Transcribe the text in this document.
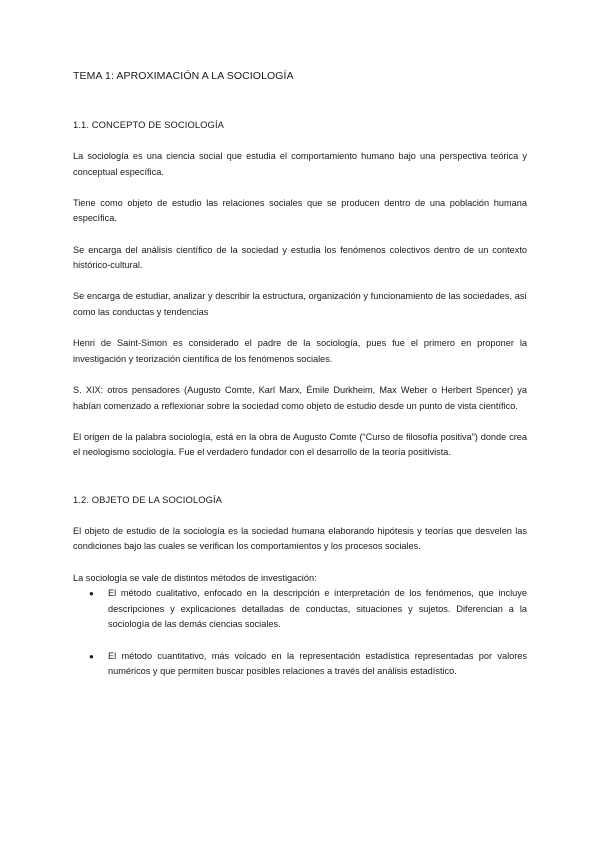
TEMA 1: APROXIMACIÓN A LA SOCIOLOGÍA
1.1. CONCEPTO DE SOCIOLOGÍA

La sociología es una ciencia social que estudia el comportamiento humano bajo una perspectiva teórica y conceptual específica.

Tiene como objeto de estudio las relaciones sociales que se producen dentro de una población humana específica.

Se encarga del análisis científico de la sociedad y estudia los fenómenos colectivos dentro de un contexto histórico-cultural.

Se encarga de estudiar, analizar y describir la estructura, organización y funcionamiento de las sociedades, así como las conductas y tendencias

Henri de Saint-Simon es considerado el padre de la sociología, pues fue el primero en proponer la investigación y teorización científica de los fenómenos sociales.

S. XIX: otros pensadores (Augusto Comte, Karl Marx, Émile Durkheim, Max Weber o Herbert Spencer) ya habían comenzado a reflexionar sobre la sociedad como objeto de estudio desde un punto de vista científico.

El origen de la palabra sociología, está en la obra de Augusto Comte (“Curso de filosofía positiva”) donde crea el neologismo sociología. Fue el verdadero fundador con el desarrollo de la teoría positivista.

1.2. OBJETO DE LA SOCIOLOGÍA

El objeto de estudio de la sociología es la sociedad humana elaborando hipótesis y teorías que desvelen las condiciones bajo las cuales se verifican los comportamientos y los procesos sociales.

La sociología se vale de distintos métodos de investigación:

● El método cualitativo, enfocado en la descripción e interpretación de los fenómenos, que incluye descripciones y explicaciones detalladas de conductas, situaciones y sujetos. Diferencian a la sociología de las demás ciencias sociales.
● El método cuantitativo, más volcado en la representación estadística representadas por valores numéricos y que permiten buscar posibles relaciones a través del análisis estadístico.
